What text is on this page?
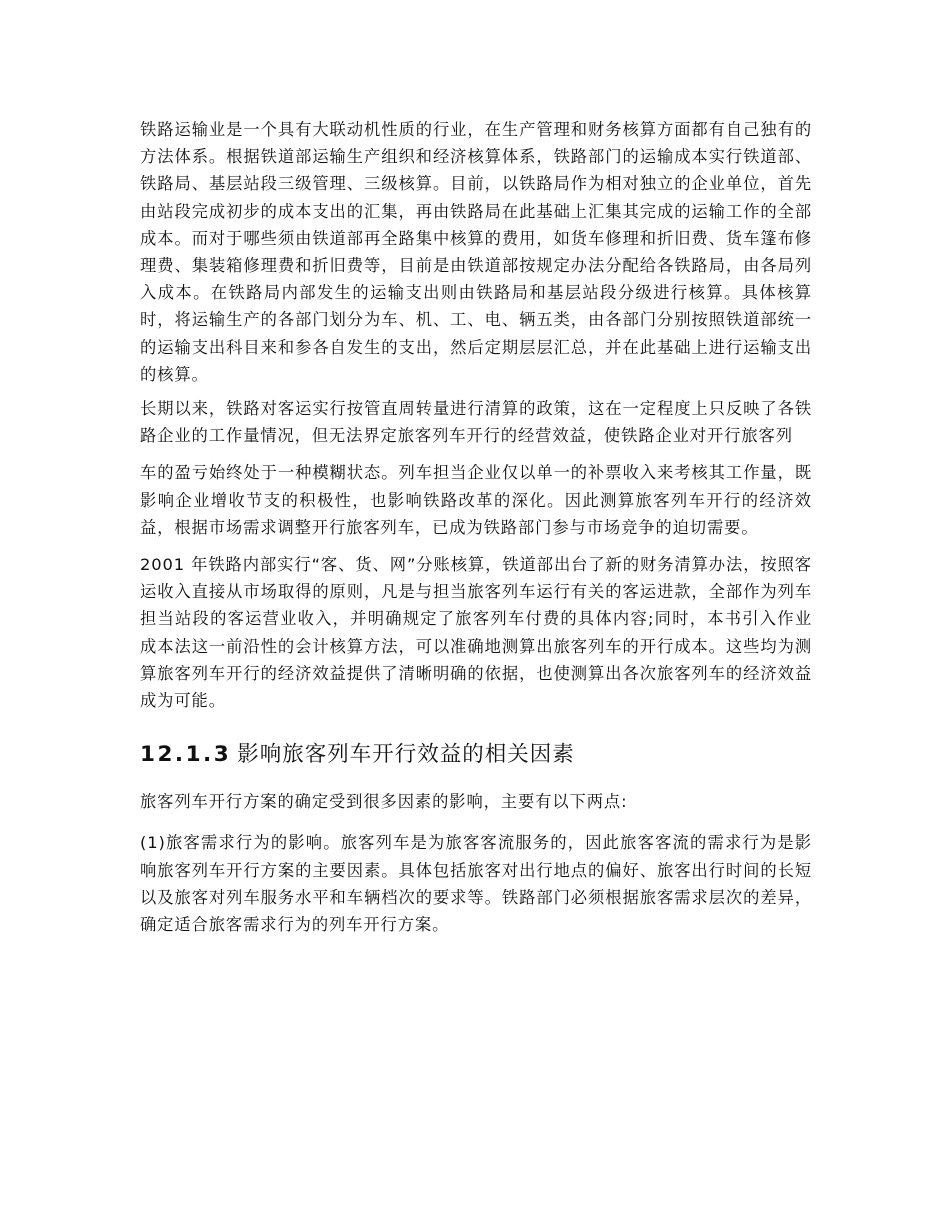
铁路运输业是一个具有大联动机性质的行业，在生产管理和财务核算方面都有自己独有的方法体系。根据铁道部运输生产组织和经济核算体系，铁路部门的运输成本实行铁道部、铁路局、基层站段三级管理、三级核算。目前，以铁路局作为相对独立的企业单位，首先由站段完成初步的成本支出的汇集，再由铁路局在此基础上汇集其完成的运输工作的全部成本。而对于哪些须由铁道部再全路集中核算的费用，如货车修理和折旧费、货车篷布修理费、集装箱修理费和折旧费等，目前是由铁道部按规定办法分配给各铁路局，由各局列入成本。在铁路局内部发生的运输支出则由铁路局和基层站段分级进行核算。具体核算时，将运输生产的各部门划分为车、机、工、电、辆五类，由各部门分别按照铁道部统一的运输支出科目来和参各自发生的支出，然后定期层层汇总，并在此基础上进行运输支出的核算。

长期以来，铁路对客运实行按管直周转量进行清算的政策，这在一定程度上只反映了各铁路企业的工作量情况，但无法界定旅客列车开行的经营效益，使铁路企业对开行旅客列

车的盈亏始终处于一种模糊状态。列车担当企业仅以单一的补票收入来考核其工作量，既影响企业增收节支的积极性，也影响铁路改革的深化。因此测算旅客列车开行的经济效益，根据市场需求调整开行旅客列车，已成为铁路部门参与市场竞争的迫切需要。

2001 年铁路内部实行“客、货、网”分账核算，铁道部出台了新的财务清算办法，按照客运收入直接从市场取得的原则，凡是与担当旅客列车运行有关的客运进款，全部作为列车担当站段的客运营业收入，并明确规定了旅客列车付费的具体内容;同时，本书引入作业成本法这一前沿性的会计核算方法，可以准确地测算出旅客列车的开行成本。这些均为测算旅客列车开行的经济效益提供了清晰明确的依据，也使测算出各次旅客列车的经济效益成为可能。

12.1.3 影响旅客列车开行效益的相关因素

旅客列车开行方案的确定受到很多因素的影响，主要有以下两点:

(1)旅客需求行为的影响。旅客列车是为旅客客流服务的，因此旅客客流的需求行为是影响旅客列车开行方案的主要因素。具体包括旅客对出行地点的偏好、旅客出行时间的长短以及旅客对列车服务水平和车辆档次的要求等。铁路部门必须根据旅客需求层次的差异，确定适合旅客需求行为的列车开行方案。
